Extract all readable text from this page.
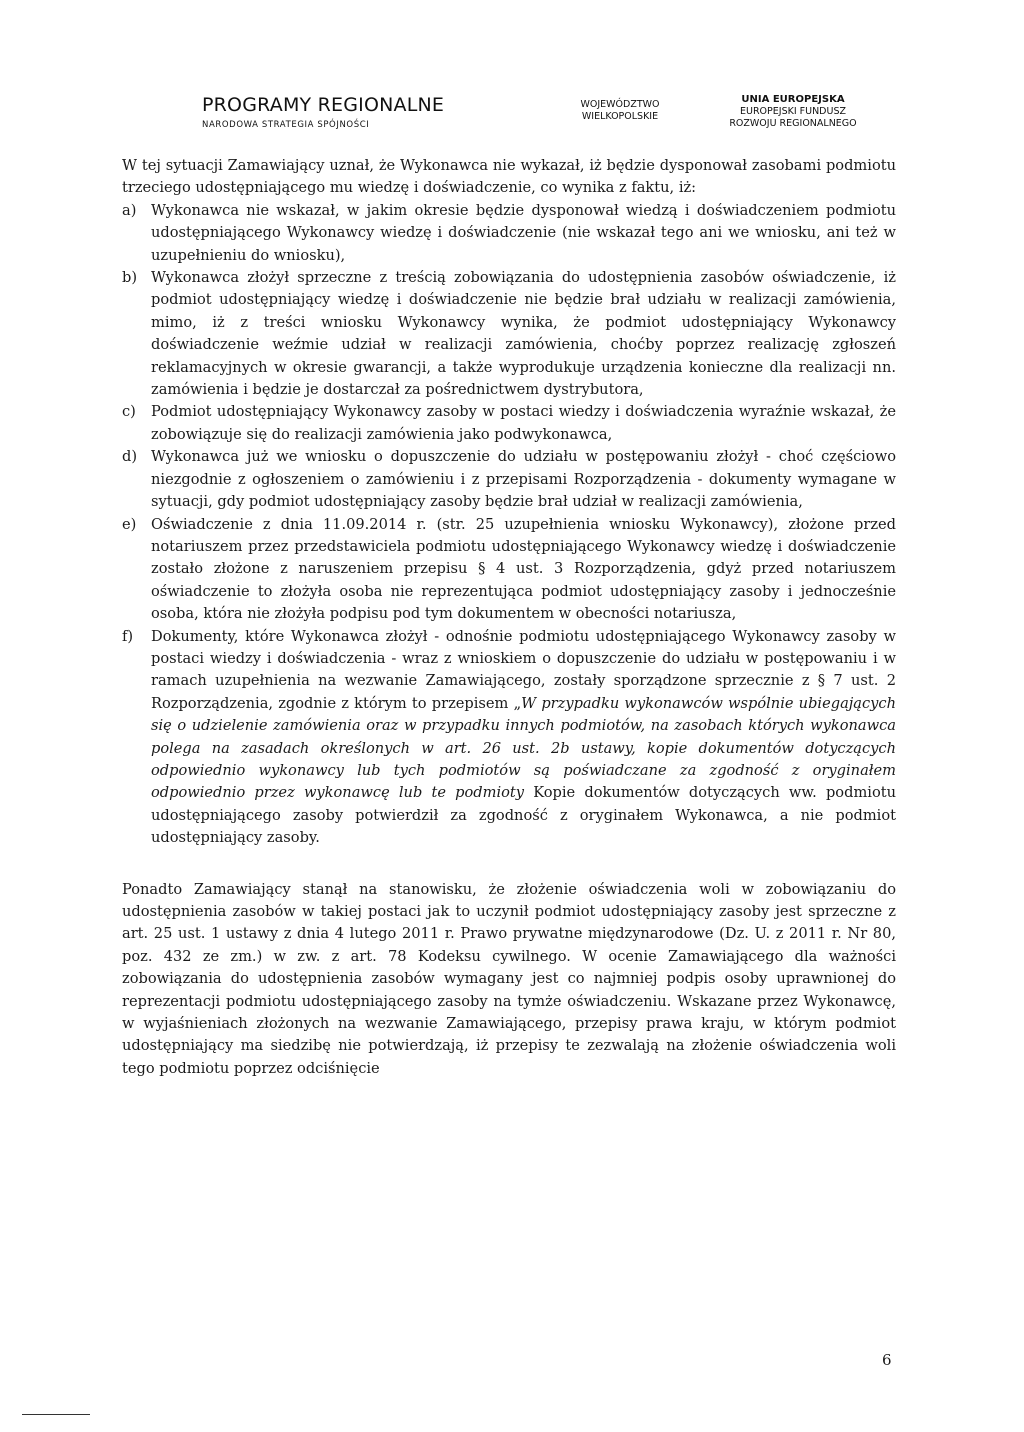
PROGRAMY REGIONALNE
NARODOWA STRATEGIA SPÓJNOŚCI
WOJEWÓDZTWO
WIELKOPOLSKIE
UNIA EUROPEJSKA
EUROPEJSKI FUNDUSZ
ROZWOJU REGIONALNEGO

W tej sytuacji Zamawiający uznał, że Wykonawca nie wykazał, iż będzie dysponował zasobami podmiotu trzeciego udostępniającego mu wiedzę i doświadczenie, co wynika z faktu, iż:

a) Wykonawca nie wskazał, w jakim okresie będzie dysponował wiedzą i doświadczeniem podmiotu udostępniającego Wykonawcy wiedzę i doświadczenie (nie wskazał tego ani we wniosku, ani też w uzupełnieniu do wniosku),
b) Wykonawca złożył sprzeczne z treścią zobowiązania do udostępnienia zasobów oświadczenie, iż podmiot udostępniający wiedzę i doświadczenie nie będzie brał udziału w realizacji zamówienia, mimo, iż z treści wniosku Wykonawcy wynika, że podmiot udostępniający Wykonawcy doświadczenie weźmie udział w realizacji zamówienia, choćby poprzez realizację zgłoszeń reklamacyjnych w okresie gwarancji, a także wyprodukuje urządzenia konieczne dla realizacji nn. zamówienia i będzie je dostarczał za pośrednictwem dystrybutora,
c) Podmiot udostępniający Wykonawcy zasoby w postaci wiedzy i doświadczenia wyraźnie wskazał, że zobowiązuje się do realizacji zamówienia jako podwykonawca,
d) Wykonawca już we wniosku o dopuszczenie do udziału w postępowaniu złożył - choć częściowo niezgodnie z ogłoszeniem o zamówieniu i z przepisami Rozporządzenia - dokumenty wymagane w sytuacji, gdy podmiot udostępniający zasoby będzie brał udział w realizacji zamówienia,
e) Oświadczenie z dnia 11.09.2014 r. (str. 25 uzupełnienia wniosku Wykonawcy), złożone przed notariuszem przez przedstawiciela podmiotu udostępniającego Wykonawcy wiedzę i doświadczenie zostało złożone z naruszeniem przepisu § 4 ust. 3 Rozporządzenia, gdyż przed notariuszem oświadczenie to złożyła osoba nie reprezentująca podmiot udostępniający zasoby i jednocześnie osoba, która nie złożyła podpisu pod tym dokumentem w obecności notariusza,
f) Dokumenty, które Wykonawca złożył - odnośnie podmiotu udostępniającego Wykonawcy zasoby w postaci wiedzy i doświadczenia - wraz z wnioskiem o dopuszczenie do udziału w postępowaniu i w ramach uzupełnienia na wezwanie Zamawiającego, zostały sporządzone sprzecznie z § 7 ust. 2 Rozporządzenia, zgodnie z którym to przepisem „W przypadku wykonawców wspólnie ubiegających się o udzielenie zamówienia oraz w przypadku innych podmiotów, na zasobach których wykonawca polega na zasadach określonych w art. 26 ust. 2b ustawy, kopie dokumentów dotyczących odpowiednio wykonawcy lub tych podmiotów są poświadczane za zgodność z oryginałem odpowiednio przez wykonawcę lub te podmioty Kopie dokumentów dotyczących ww. podmiotu udostępniającego zasoby potwierdził za zgodność z oryginałem Wykonawca, a nie podmiot udostępniający zasoby.

Ponadto Zamawiający stanął na stanowisku, że złożenie oświadczenia woli w zobowiązaniu do udostępnienia zasobów w takiej postaci jak to uczynił podmiot udostępniający zasoby jest sprzeczne z art. 25 ust. 1 ustawy z dnia 4 lutego 2011 r. Prawo prywatne międzynarodowe (Dz. U. z 2011 r. Nr 80, poz. 432 ze zm.) w zw. z art. 78 Kodeksu cywilnego. W ocenie Zamawiającego dla ważności zobowiązania do udostępnienia zasobów wymagany jest co najmniej podpis osoby uprawnionej do reprezentacji podmiotu udostępniającego zasoby na tymże oświadczeniu. Wskazane przez Wykonawcę, w wyjaśnieniach złożonych na wezwanie Zamawiającego, przepisy prawa kraju, w którym podmiot udostępniający ma siedzibę nie potwierdzają, iż przepisy te zezwalają na złożenie oświadczenia woli tego podmiotu poprzez odciśnięcie

6
